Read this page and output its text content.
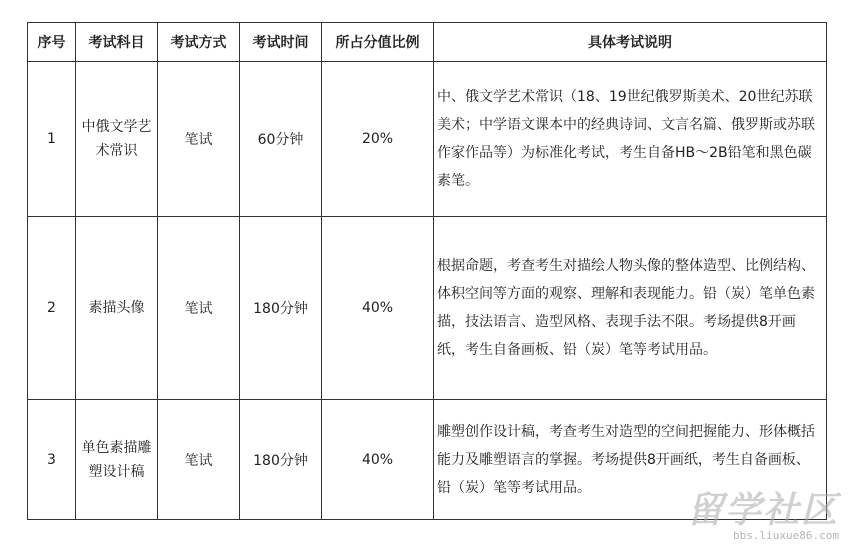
序号	考试科目	考试方式	考试时间	所占分值比例	具体考试说明
1	中俄文学艺术常识	笔试	60分钟	20%	中、俄文学艺术常识（18、19世纪俄罗斯美术、20世纪苏联美术；中学语文课本中的经典诗词、文言名篇、俄罗斯或苏联作家作品等）为标准化考试，考生自备HB～2B铅笔和黑色碳素笔。
2	素描头像	笔试	180分钟	40%	根据命题，考查考生对描绘人物头像的整体造型、比例结构、体积空间等方面的观察、理解和表现能力。铅（炭）笔单色素描，技法语言、造型风格、表现手法不限。考场提供8开画纸，考生自备画板、铅（炭）笔等考试用品。
3	单色素描雕塑设计稿	笔试	180分钟	40%	雕塑创作设计稿，考查考生对造型的空间把握能力、形体概括能力及雕塑语言的掌握。考场提供8开画纸，考生自备画板、铅（炭）笔等考试用品。
留学社区
bbs.liuxue86.com
